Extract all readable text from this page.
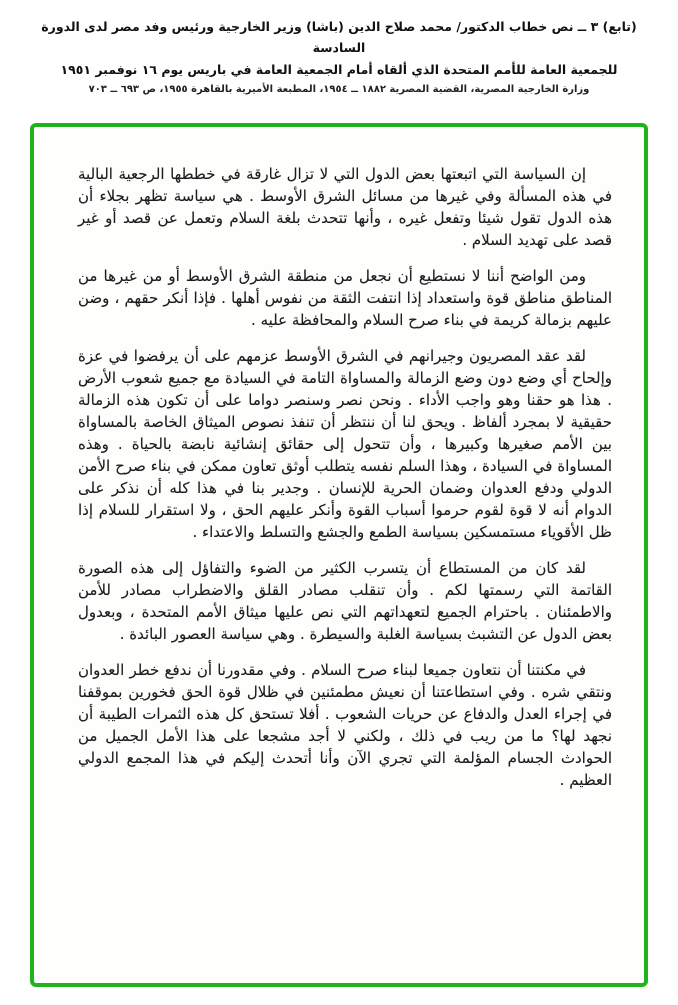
(تابع) ٣ ــ نص خطاب الدكتور/ محمد صلاح الدين (باشا) وزير الخارجية ورئيس وفد مصر لدى الدورة السادسة
للجمعية العامة للأمم المتحدة الذي ألقاه أمام الجمعية العامة في باريس يوم ١٦ نوفمبر ١٩٥١
وزارة الخارجية المصرية، القضية المصرية ١٨٨٢ ــ ١٩٥٤، المطبعة الأميرية بالقاهرة ١٩٥٥، ص ٦٩٣ ــ ٧٠٣

إن السياسة التي اتبعتها بعض الدول التي لا تزال غارقة في خططها الرجعية البالية في هذه المسألة وفي غيرها من مسائل الشرق الأوسط . هي سياسة تظهر بجلاء أن هذه الدول تقول شيئا وتفعل غيره ، وأنها تتحدث بلغة السلام وتعمل عن قصد أو غير قصد على تهديد السلام .

ومن الواضح أننا لا نستطيع أن نجعل من منطقة الشرق الأوسط أو من غيرها من المناطق مناطق قوة واستعداد إذا انتفت الثقة من نفوس أهلها . فإذا أنكر حقهم ، وضن عليهم بزمالة كريمة في بناء صرح السلام والمحافظة عليه .

لقد عقد المصريون وجيرانهم في الشرق الأوسط عزمهم على أن يرفضوا في عزة وإلحاح أي وضع دون وضع الزمالة والمساواة التامة في السيادة مع جميع شعوب الأرض . هذا هو حقنا وهو واجب الأداء . ونحن نصر وسنصر دواما على أن تكون هذه الزمالة حقيقية لا بمجرد ألفاظ . ويحق لنا أن ننتظر أن تنفذ نصوص الميثاق الخاصة بالمساواة بين الأمم صغيرها وكبيرها ، وأن تتحول إلى حقائق إنشائية نابضة بالحياة . وهذه المساواة في السيادة ، وهذا السلم نفسه يتطلب أوثق تعاون ممكن في بناء صرح الأمن الدولي ودفع العدوان وضمان الحرية للإنسان . وجدير بنا في هذا كله أن نذكر على الدوام أنه لا قوة لقوم حرموا أسباب القوة وأنكر عليهم الحق ، ولا استقرار للسلام إذا ظل الأقوياء مستمسكين بسياسة الطمع والجشع والتسلط والاعتداء .

لقد كان من المستطاع أن يتسرب الكثير من الضوء والتفاؤل إلى هذه الصورة القاتمة التي رسمتها لكم . وأن تنقلب مصادر القلق والاضطراب مصادر للأمن والاطمئنان . باحترام الجميع لتعهداتهم التي نص عليها ميثاق الأمم المتحدة ، وبعدول بعض الدول عن التشبث بسياسة الغلبة والسيطرة . وهي سياسة العصور البائدة .

في مكنتنا أن نتعاون جميعا لبناء صرح السلام . وفي مقدورنا أن ندفع خطر العدوان ونتقي شره . وفي استطاعتنا أن نعيش مطمئنين في ظلال قوة الحق فخورين بموقفنا في إجراء العدل والدفاع عن حريات الشعوب . أفلا تستحق كل هذه الثمرات الطيبة أن نجهد لها؟ ما من ريب في ذلك ، ولكني لا أجد مشجعا على هذا الأمل الجميل من الحوادث الجسام المؤلمة التي تجري الآن وأنا أتحدث إليكم في هذا المجمع الدولي العظيم .
